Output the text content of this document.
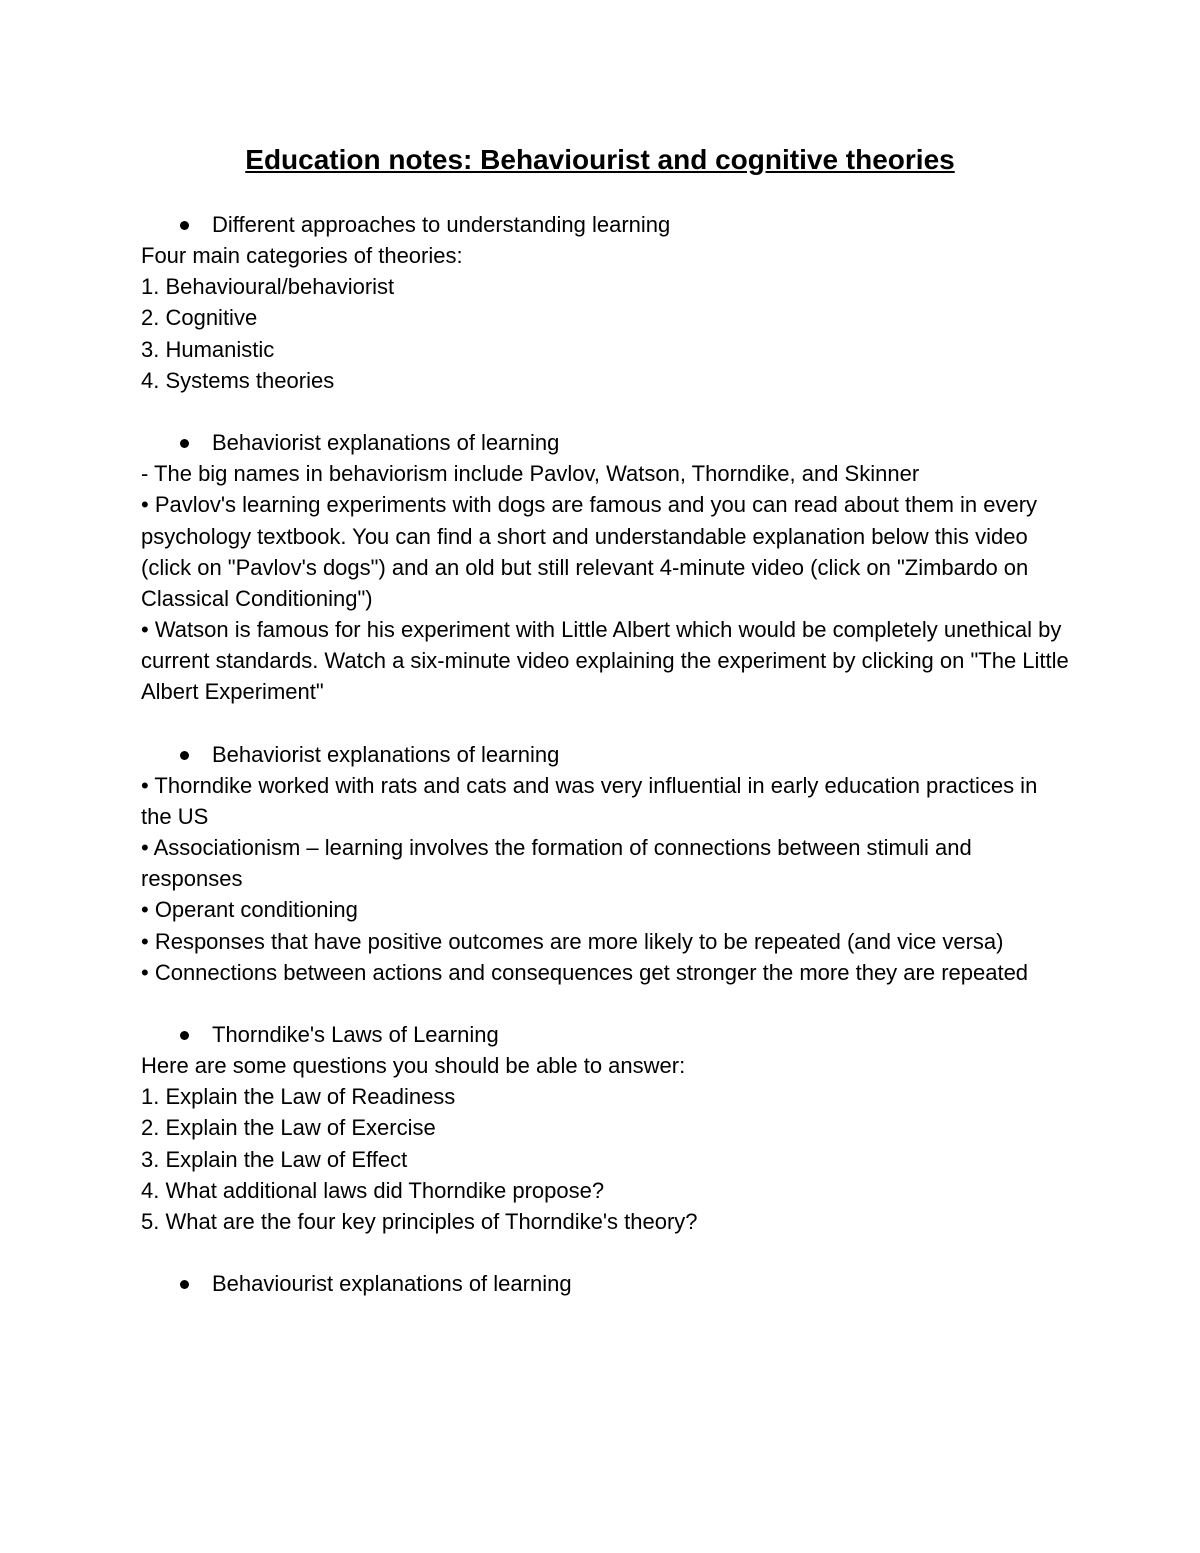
Education notes: Behaviourist and cognitive theories
Different approaches to understanding learning
Four main categories of theories:
1. Behavioural/behaviorist
2. Cognitive
3. Humanistic
4. Systems theories
Behaviorist explanations of learning
- The big names in behaviorism include Pavlov, Watson, Thorndike, and Skinner
• Pavlov's learning experiments with dogs are famous and you can read about them in every psychology textbook. You can find a short and understandable explanation below this video (click on "Pavlov's dogs") and an old but still relevant 4-minute video (click on "Zimbardo on Classical Conditioning")
• Watson is famous for his experiment with Little Albert which would be completely unethical by current standards. Watch a six-minute video explaining the experiment by clicking on "The Little Albert Experiment"
Behaviorist explanations of learning
• Thorndike worked with rats and cats and was very influential in early education practices in the US
• Associationism – learning involves the formation of connections between stimuli and responses
• Operant conditioning
• Responses that have positive outcomes are more likely to be repeated (and vice versa)
• Connections between actions and consequences get stronger the more they are repeated
Thorndike's Laws of Learning
Here are some questions you should be able to answer:
1. Explain the Law of Readiness
2. Explain the Law of Exercise
3. Explain the Law of Effect
4. What additional laws did Thorndike propose?
5. What are the four key principles of Thorndike's theory?
Behaviourist explanations of learning
